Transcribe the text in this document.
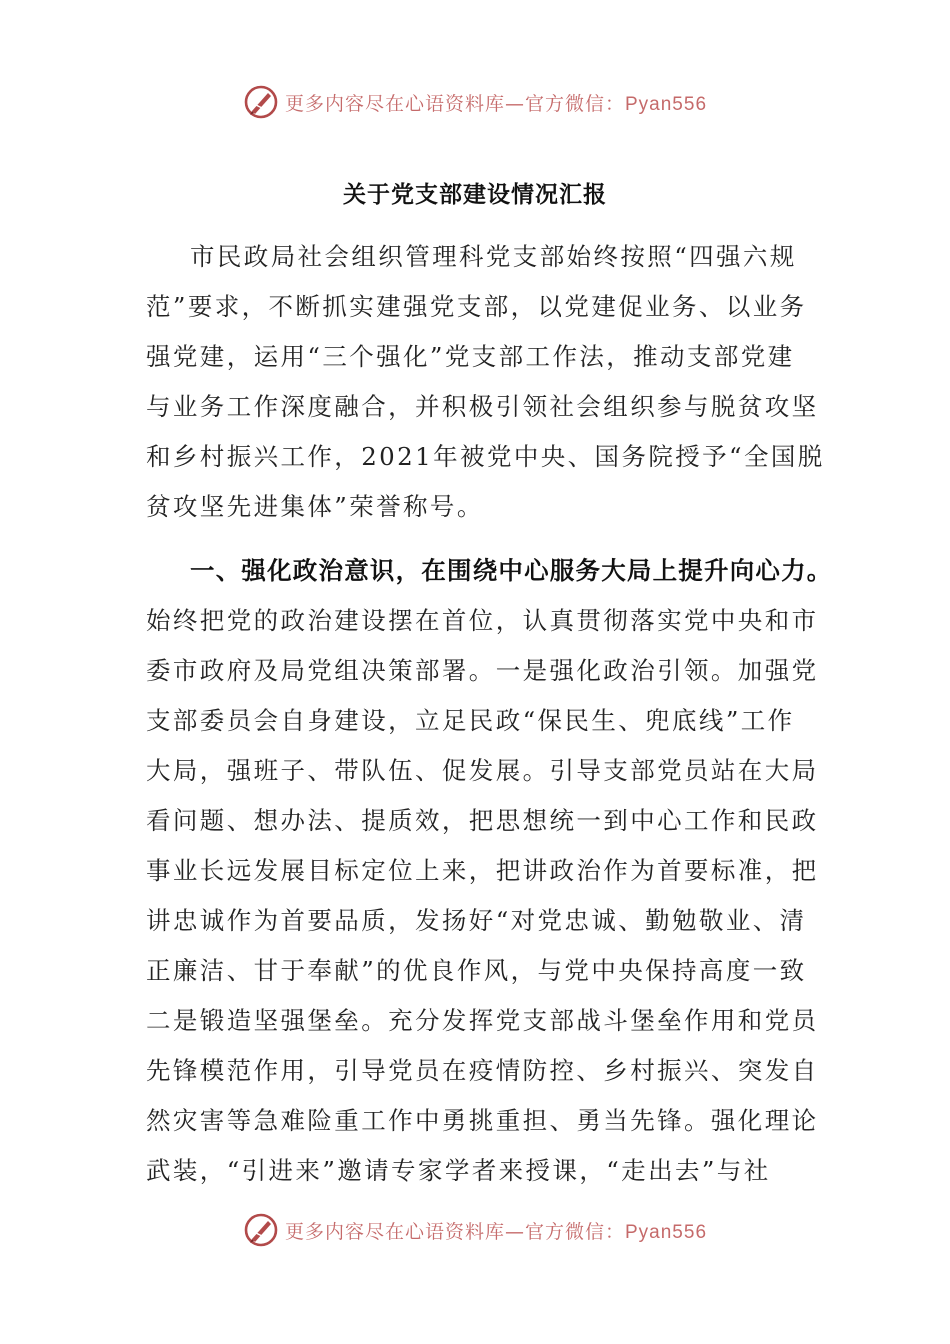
更多内容尽在心语资料库—官方微信：Pyan556
关于党支部建设情况汇报
市民政局社会组织管理科党支部始终按照“四强六规
范”要求，不断抓实建强党支部，以党建促业务、以业务
强党建，运用“三个强化”党支部工作法，推动支部党建
与业务工作深度融合，并积极引领社会组织参与脱贫攻坚
和乡村振兴工作，2021年被党中央、国务院授予“全国脱
贫攻坚先进集体”荣誉称号。
一、强化政治意识，在围绕中心服务大局上提升向心力。
始终把党的政治建设摆在首位，认真贯彻落实党中央和市
委市政府及局党组决策部署。一是强化政治引领。加强党
支部委员会自身建设，立足民政“保民生、兜底线”工作
大局，强班子、带队伍、促发展。引导支部党员站在大局
看问题、想办法、提质效，把思想统一到中心工作和民政
事业长远发展目标定位上来，把讲政治作为首要标准，把
讲忠诚作为首要品质，发扬好“对党忠诚、勤勉敬业、清
正廉洁、甘于奉献”的优良作风，与党中央保持高度一致
二是锻造坚强堡垒。充分发挥党支部战斗堡垒作用和党员
先锋模范作用，引导党员在疫情防控、乡村振兴、突发自
然灾害等急难险重工作中勇挑重担、勇当先锋。强化理论
武装，“引进来”邀请专家学者来授课，“走出去”与社
更多内容尽在心语资料库—官方微信：Pyan556
